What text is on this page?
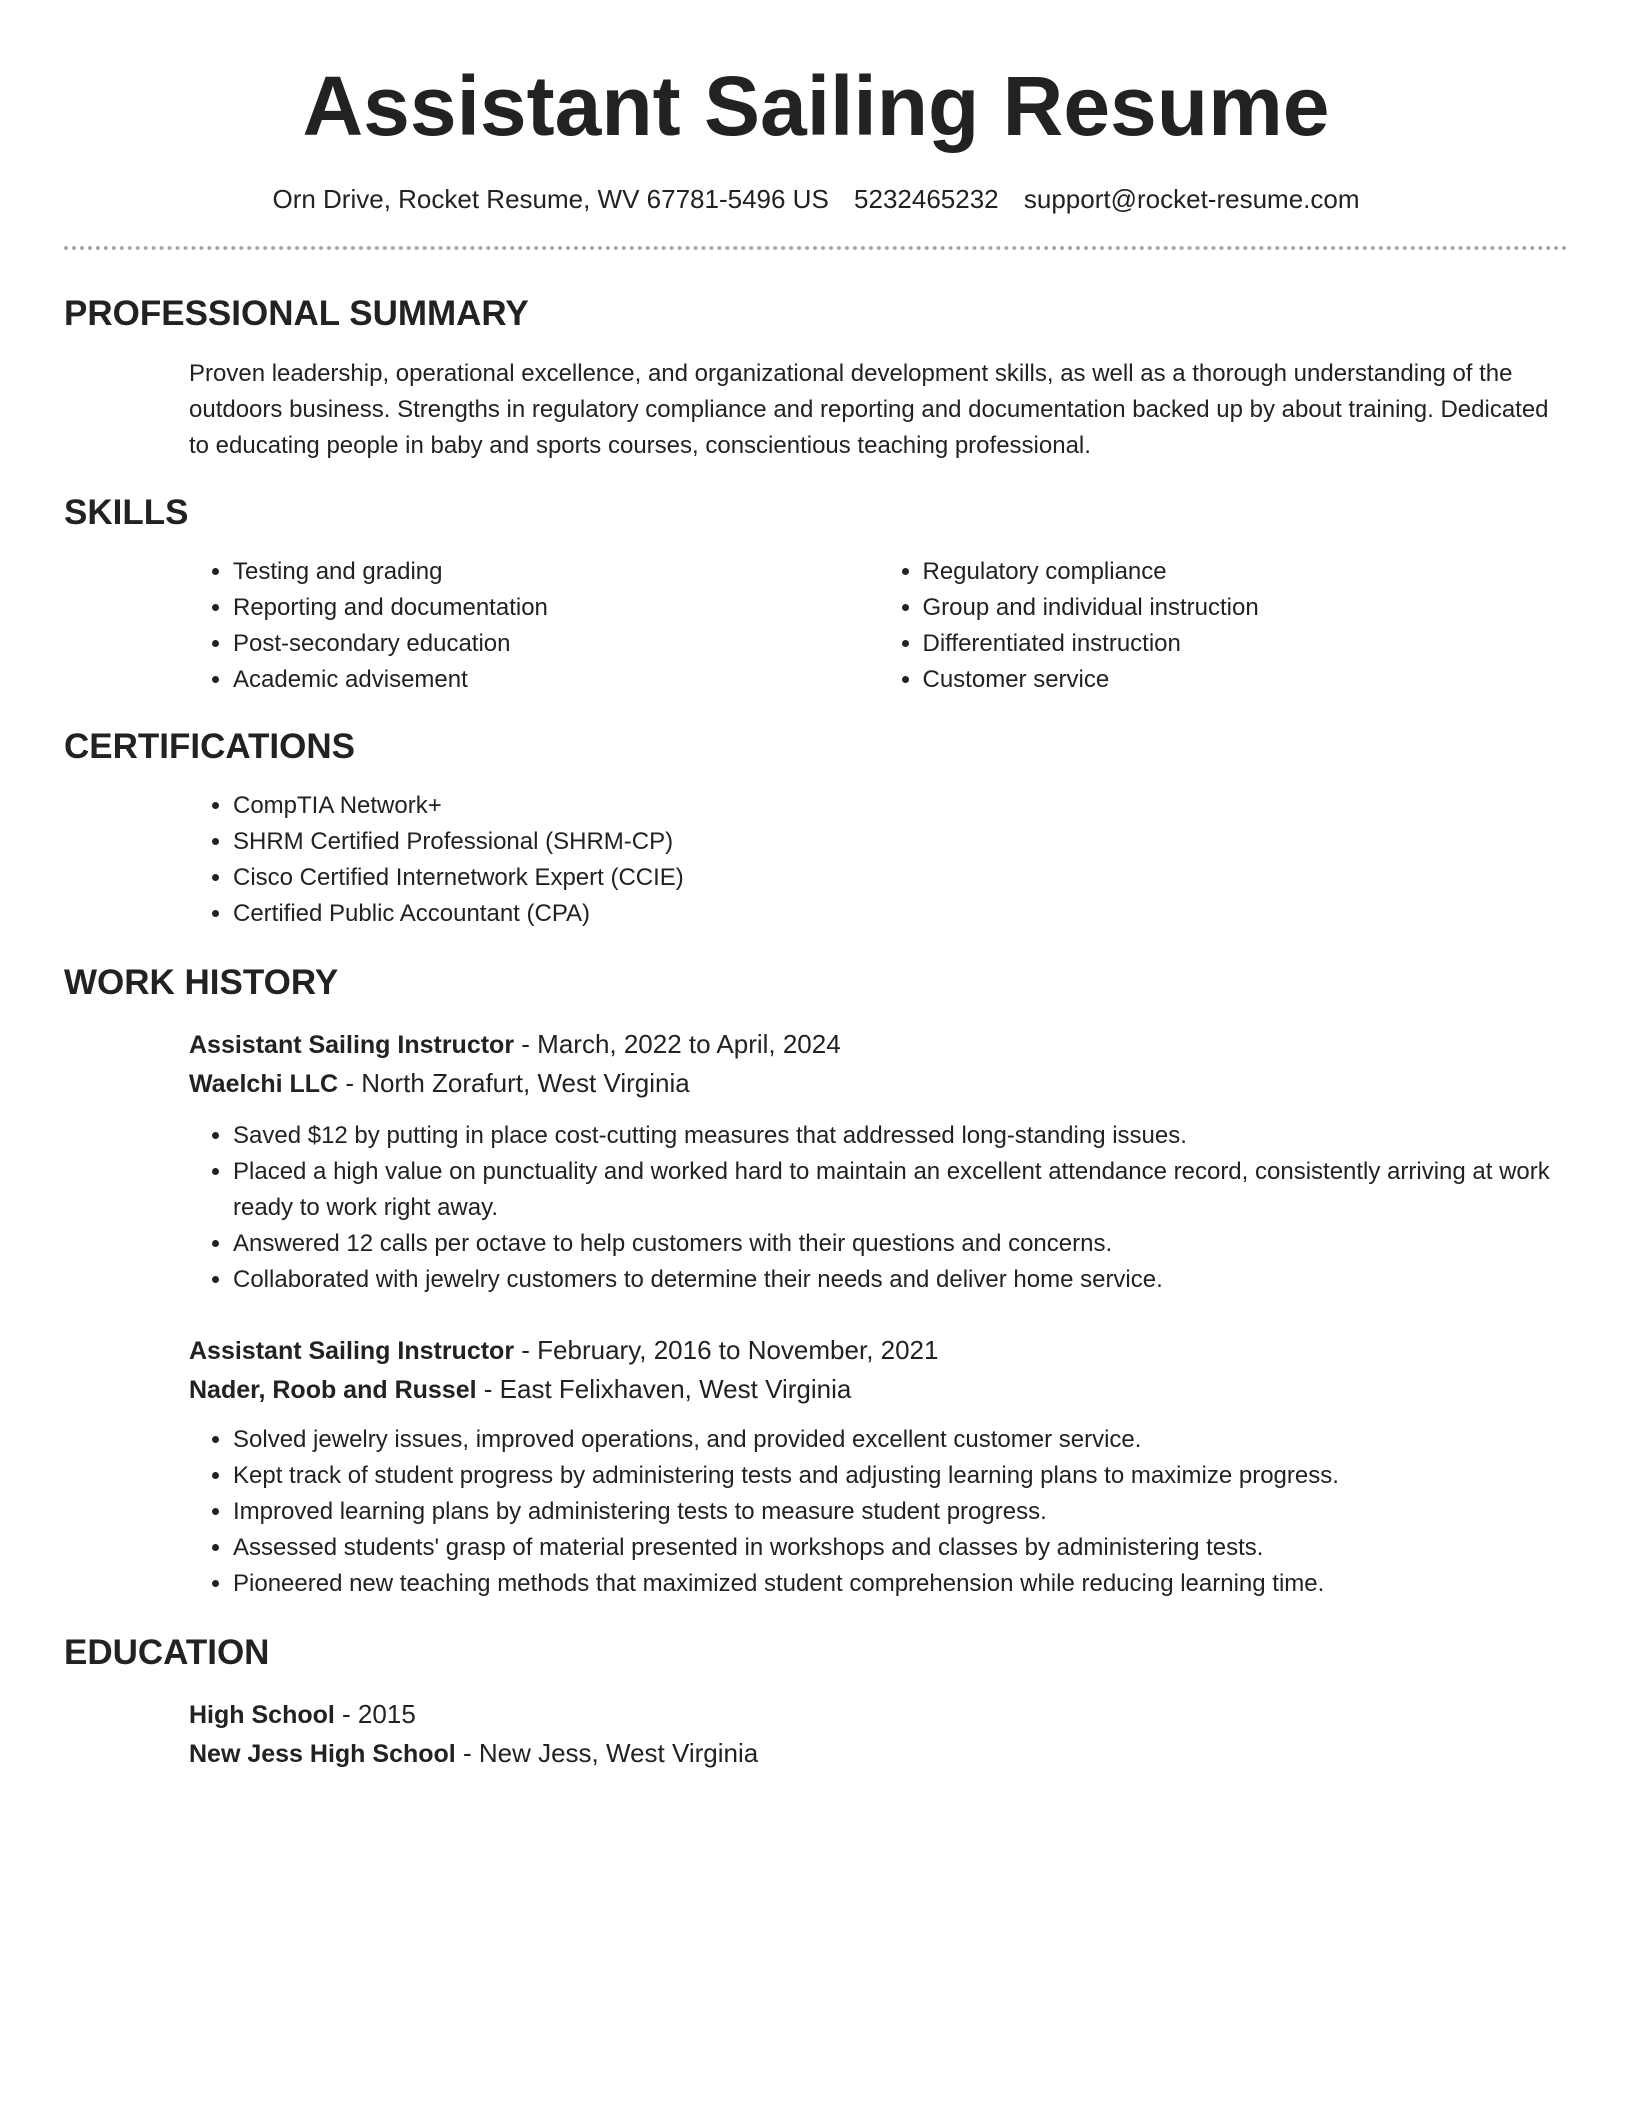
Assistant Sailing Resume
Orn Drive, Rocket Resume, WV 67781-5496 US 5232465232 support@rocket-resume.com
PROFESSIONAL SUMMARY

Proven leadership, operational excellence, and organizational development skills, as well as a thorough understanding of the outdoors business. Strengths in regulatory compliance and reporting and documentation backed up by about training. Dedicated to educating people in baby and sports courses, conscientious teaching professional.

SKILLS
• Testing and grading
• Reporting and documentation
• Post-secondary education
• Academic advisement
• Regulatory compliance
• Group and individual instruction
• Differentiated instruction
• Customer service
CERTIFICATIONS
• CompTIA Network+
• SHRM Certified Professional (SHRM-CP)
• Cisco Certified Internetwork Expert (CCIE)
• Certified Public Accountant (CPA)
WORK HISTORY
Assistant Sailing Instructor - March, 2022 to April, 2024
Waelchi LLC - North Zorafurt, West Virginia
• Saved $12 by putting in place cost-cutting measures that addressed long-standing issues.
• Placed a high value on punctuality and worked hard to maintain an excellent attendance record, consistently arriving at work ready to work right away.
• Answered 12 calls per octave to help customers with their questions and concerns.
• Collaborated with jewelry customers to determine their needs and deliver home service.
Assistant Sailing Instructor - February, 2016 to November, 2021
Nader, Roob and Russel - East Felixhaven, West Virginia
• Solved jewelry issues, improved operations, and provided excellent customer service.
• Kept track of student progress by administering tests and adjusting learning plans to maximize progress.
• Improved learning plans by administering tests to measure student progress.
• Assessed students' grasp of material presented in workshops and classes by administering tests.
• Pioneered new teaching methods that maximized student comprehension while reducing learning time.
EDUCATION
High School - 2015
New Jess High School - New Jess, West Virginia
